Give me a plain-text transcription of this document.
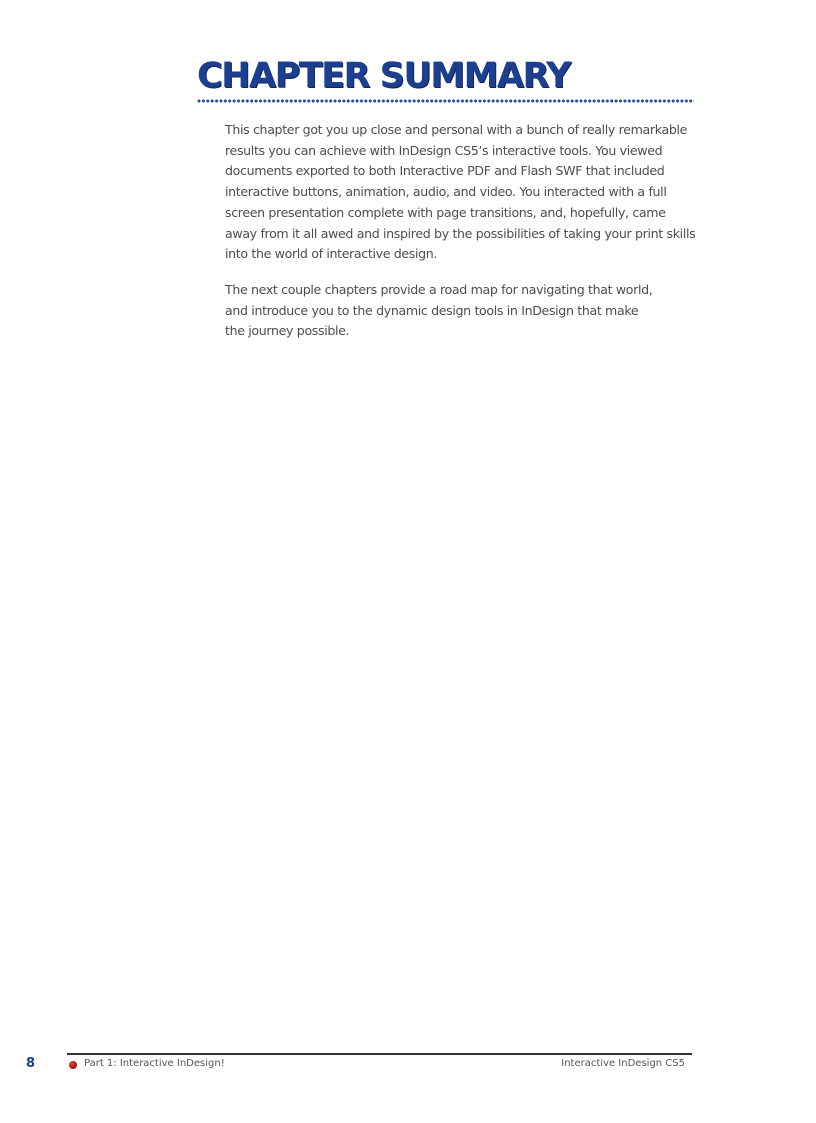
CHAPTER SUMMARY

This chapter got you up close and personal with a bunch of really remarkable results you can achieve with InDesign CS5’s interactive tools. You viewed documents exported to both Interactive PDF and Flash SWF that included interactive buttons, animation, audio, and video. You interacted with a full screen presentation complete with page transitions, and, hopefully, came away from it all awed and inspired by the possibilities of taking your print skills into the world of interactive design.

The next couple chapters provide a road map for navigating that world, and introduce you to the dynamic design tools in InDesign that make the journey possible.

8	Part 1: Interactive InDesign!	Interactive InDesign CS5
